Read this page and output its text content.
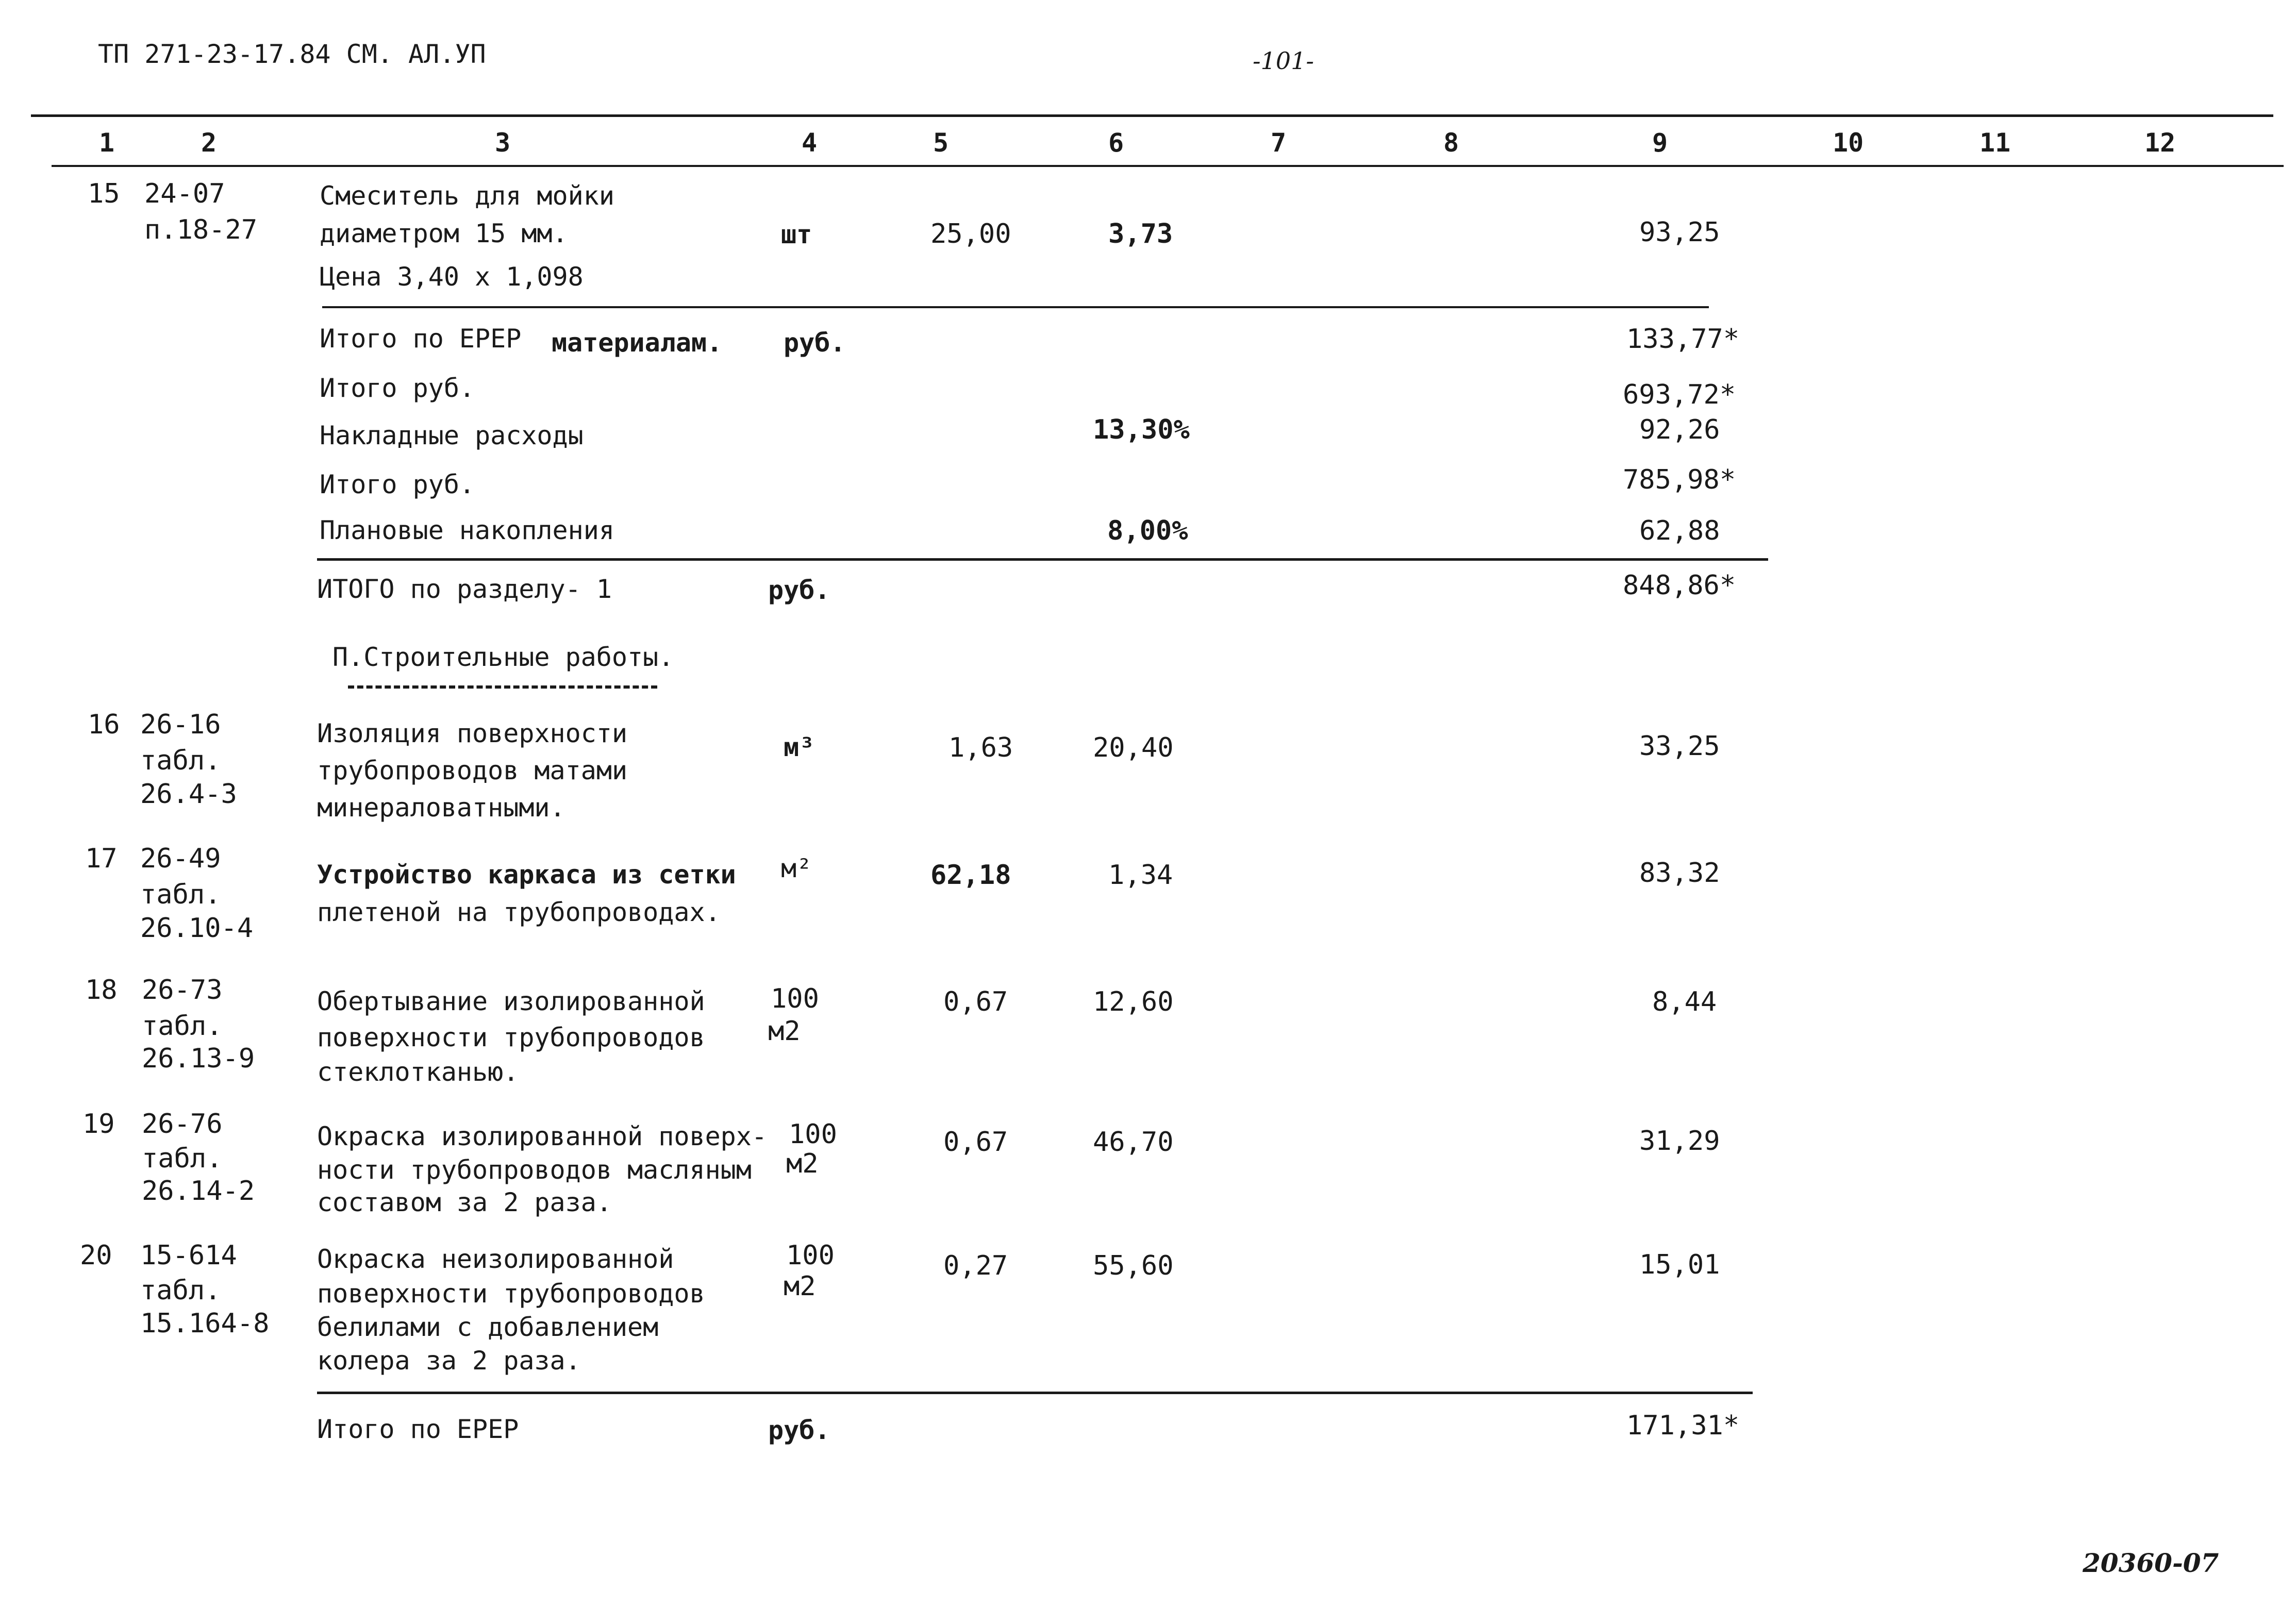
ТП 271-23-17.84 СМ. АЛ.УП	-101-
1	2	3	4	5	6	7	8	9	10	11	12
15 24-07
п.18-27
Смеситель для мойки
диаметром 15 мм.
Цена 3,40 х 1,098
шт	25,00	3,73	93,25
Итого по ЕРЕР материалам. руб.	133,77*
Итого руб.	693,72*
Накладные расходы	13,30%	92,26
Итого руб.	785,98*
Плановые накопления	8,00%	62,88
ИТОГО по разделу- 1	руб.	848,86*
П.Строительные работы.
16 26-16
табл.
26.4-3
Изоляция поверхности
трубопроводов матами
минераловатными.
м³	1,63	20,40	33,25
17 26-49
табл.
26.10-4
Устройство каркаса из сетки
плетеной на трубопроводах.
м²	62,18	1,34	83,32
18 26-73
табл.
26.13-9
Обертывание изолированной
поверхности трубопроводов
стеклотканью.
100
м2
0,67	12,60	8,44
19 26-76
табл.
26.14-2
Окраска изолированной поверх-
ности трубопроводов масляным
составом за 2 раза.
100
м2
0,67	46,70	31,29
20 15-614
табл.
15.164-8
Окраска неизолированной
поверхности трубопроводов
белилами с добавлением
колера за 2 раза.
100
м2
0,27	55,60	15,01
Итого по ЕРЕР	руб.	171,31*
20360-07
